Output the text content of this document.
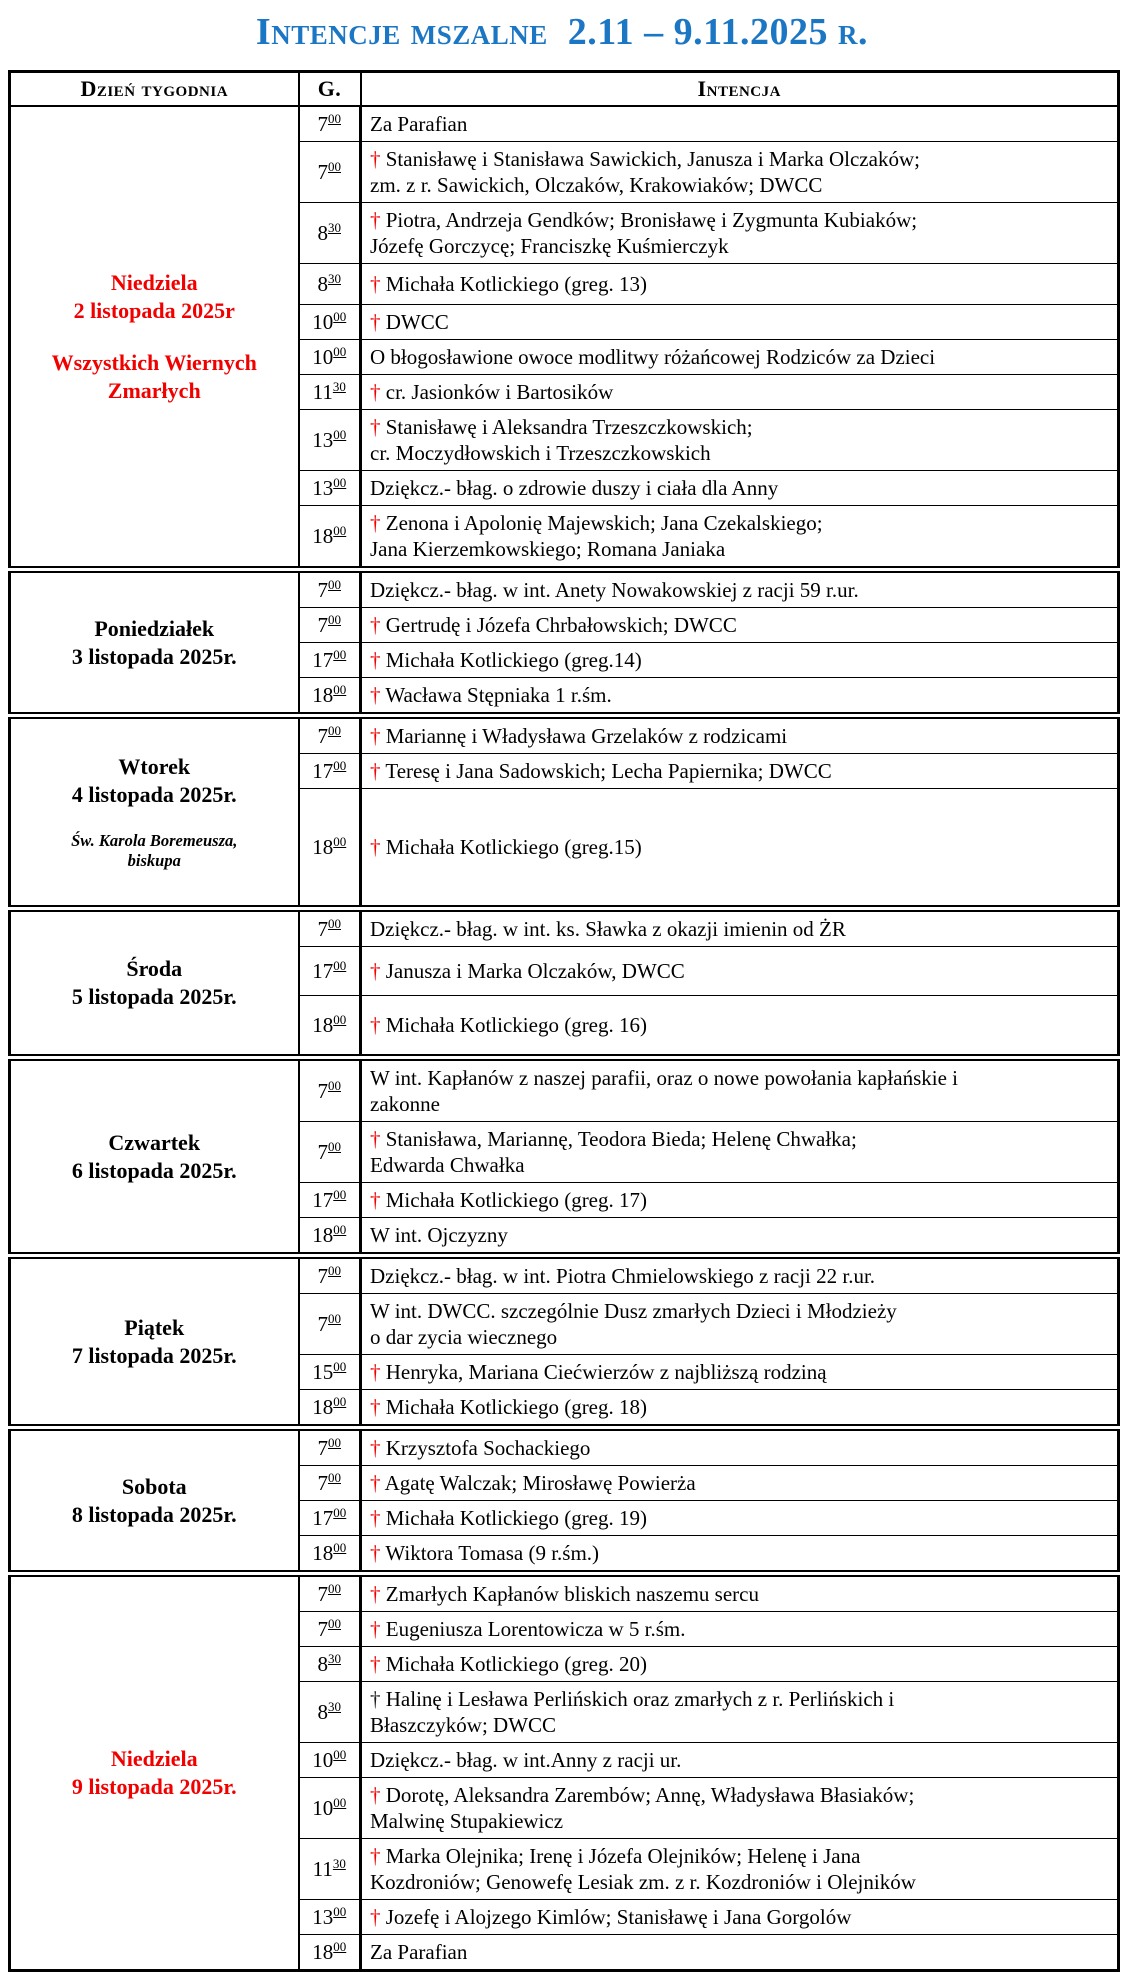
Intencje mszalne  2.11 – 9.11.2025 r.
Dzień tygodnia	G.	Intencja

Niedziela
2 listopada 2025r
Wszystkich Wiernych
Zmarłych	$7^{00}$	Za Parafian
	$7^{00}$	† Stanisławę i Stanisława Sawickich, Janusza i Marka Olczaków;
zm. z r. Sawickich, Olczaków, Krakowiaków; DWCC
	$8^{30}$	† Piotra, Andrzeja Gendków; Bronisławę i Zygmunta Kubiaków;
Józefę Gorczycę; Franciszkę Kuśmierczyk
	$8^{30}$	† Michała Kotlickiego (greg. 13)
	$10^{00}$	† DWCC
	$10^{00}$	O błogosławione owoce modlitwy różańcowej Rodziców za Dzieci
	$11^{30}$	† cr. Jasionków i Bartosików
	$13^{00}$	† Stanisławę i Aleksandra Trzeszczkowskich;
cr. Moczydłowskich i Trzeszczkowskich
	$13^{00}$	Dziękcz.- błag. o zdrowie duszy i ciała dla Anny
	$18^{00}$	† Zenona i Apolonię Majewskich; Jana Czekalskiego;
Jana Kierzemkowskiego; Romana Janiaka

Poniedziałek
3 listopada 2025r.	$7^{00}$	Dziękcz.- błag. w int. Anety Nowakowskiej z racji 59 r.ur.
	$7^{00}$	† Gertrudę i Józefa Chrbałowskich; DWCC
	$17^{00}$	† Michała Kotlickiego (greg.14)
	$18^{00}$	† Wacława Stępniaka 1 r.śm.

Wtorek
4 listopada 2025r.
Św. Karola Boremeusza,
biskupa	$7^{00}$	† Mariannę i Władysława Grzelaków z rodzicami
	$17^{00}$	† Teresę i Jana Sadowskich; Lecha Papiernika; DWCC
	$18^{00}$	† Michała Kotlickiego (greg.15)

Środa
5 listopada 2025r.	$7^{00}$	Dziękcz.- błag. w int. ks. Sławka z okazji imienin od ŻR
	$17^{00}$	† Janusza i Marka Olczaków, DWCC
	$18^{00}$	† Michała Kotlickiego (greg. 16)

Czwartek
6 listopada 2025r.
	$7^{00}$	W int. Kapłanów z naszej parafii, oraz o nowe powołania kapłańskie i
zakonne
	$7^{00}$	† Stanisława, Mariannę, Teodora Bieda; Helenę Chwałka;
Edwarda Chwałka
	$17^{00}$	† Michała Kotlickiego (greg. 17)
	$18^{00}$	W int. Ojczyzny

Piątek
7 listopada 2025r.	$7^{00}$	Dziękcz.- błag. w int. Piotra Chmielowskiego z racji 22 r.ur.
	$7^{00}$	W int. DWCC. szczególnie Dusz zmarłych Dzieci i Młodzieży
o dar zycia wiecznego
	$15^{00}$	† Henryka, Mariana Ciećwierzów z najbliższą rodziną
	$18^{00}$	† Michała Kotlickiego (greg. 18)

Sobota
8 listopada 2025r.	$7^{00}$	† Krzysztofa Sochackiego
	$7^{00}$	† Agatę Walczak; Mirosławę Powierża
	$17^{00}$	† Michała Kotlickiego (greg. 19)
	$18^{00}$	† Wiktora Tomasa (9 r.śm.)

Niedziela
9 listopada 2025r.	$7^{00}$	† Zmarłych Kapłanów bliskich naszemu sercu
	$7^{00}$	† Eugeniusza Lorentowicza w 5 r.śm.
	$8^{30}$	† Michała Kotlickiego (greg. 20)
	$8^{30}$	† Halinę i Lesława Perlińskich oraz zmarłych z r. Perlińskich i
Błaszczyków; DWCC
	$10^{00}$	Dziękcz.- błag. w int.Anny z racji ur.
	$10^{00}$	† Dorotę, Aleksandra Zarembów; Annę, Władysława Błasiaków;
Malwinę Stupakiewicz
	$11^{30}$	† Marka Olejnika; Irenę i Józefa Olejników; Helenę i Jana
Kozdroniów; Genowefę Lesiak zm. z r. Kozdroniów i Olejników
	$13^{00}$	† Jozefę i Alojzego Kimlów; Stanisławę i Jana Gorgolów
	$18^{00}$	Za Parafian
